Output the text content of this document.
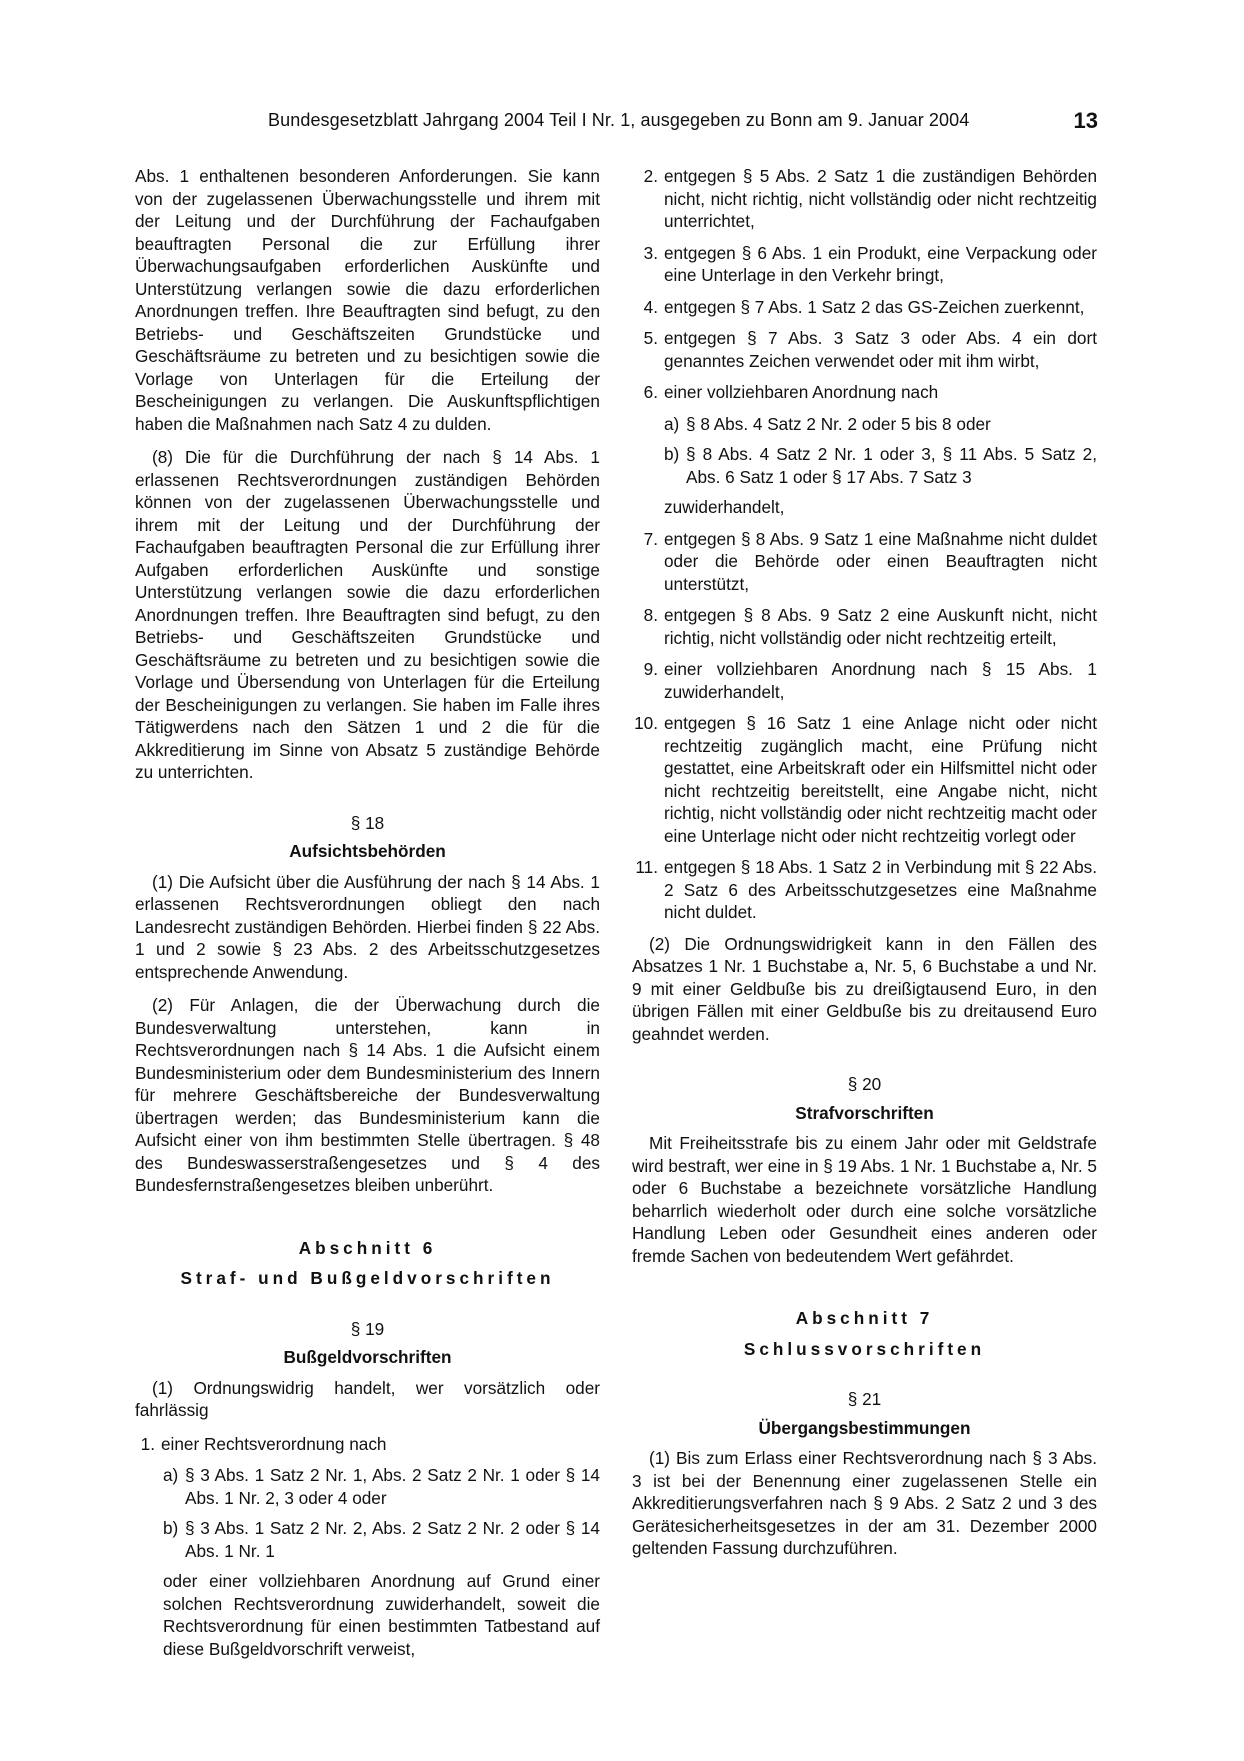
Bundesgesetzblatt Jahrgang 2004 Teil I Nr. 1, ausgegeben zu Bonn am 9. Januar 2004	13

Abs. 1 enthaltenen besonderen Anforderungen. Sie kann von der zugelassenen Überwachungsstelle und ihrem mit der Leitung und der Durchführung der Fachaufgaben beauftragten Personal die zur Erfüllung ihrer Überwachungsaufgaben erforderlichen Auskünfte und Unterstützung verlangen sowie die dazu erforderlichen Anordnungen treffen. Ihre Beauftragten sind befugt, zu den Betriebs- und Geschäftszeiten Grundstücke und Geschäftsräume zu betreten und zu besichtigen sowie die Vorlage von Unterlagen für die Erteilung der Bescheinigungen zu verlangen. Die Auskunftspflichtigen haben die Maßnahmen nach Satz 4 zu dulden.

(8) Die für die Durchführung der nach § 14 Abs. 1 erlassenen Rechtsverordnungen zuständigen Behörden können von der zugelassenen Überwachungsstelle und ihrem mit der Leitung und der Durchführung der Fachaufgaben beauftragten Personal die zur Erfüllung ihrer Aufgaben erforderlichen Auskünfte und sonstige Unterstützung verlangen sowie die dazu erforderlichen Anordnungen treffen. Ihre Beauftragten sind befugt, zu den Betriebs- und Geschäftszeiten Grundstücke und Geschäftsräume zu betreten und zu besichtigen sowie die Vorlage und Übersendung von Unterlagen für die Erteilung der Bescheinigungen zu verlangen. Sie haben im Falle ihres Tätigwerdens nach den Sätzen 1 und 2 die für die Akkreditierung im Sinne von Absatz 5 zuständige Behörde zu unterrichten.

§ 18
Aufsichtsbehörden

(1) Die Aufsicht über die Ausführung der nach § 14 Abs. 1 erlassenen Rechtsverordnungen obliegt den nach Landesrecht zuständigen Behörden. Hierbei finden § 22 Abs. 1 und 2 sowie § 23 Abs. 2 des Arbeitsschutzgesetzes entsprechende Anwendung.

(2) Für Anlagen, die der Überwachung durch die Bundesverwaltung unterstehen, kann in Rechtsverordnungen nach § 14 Abs. 1 die Aufsicht einem Bundesministerium oder dem Bundesministerium des Innern für mehrere Geschäftsbereiche der Bundesverwaltung übertragen werden; das Bundesministerium kann die Aufsicht einer von ihm bestimmten Stelle übertragen. § 48 des Bundeswasserstraßengesetzes und § 4 des Bundesfernstraßengesetzes bleiben unberührt.

Abschnitt 6
Straf- und Bußgeldvorschriften
§ 19
Bußgeldvorschriften

(1) Ordnungswidrig handelt, wer vorsätzlich oder fahrlässig

1. einer Rechtsverordnung nach
a) § 3 Abs. 1 Satz 2 Nr. 1, Abs. 2 Satz 2 Nr. 1 oder § 14 Abs. 1 Nr. 2, 3 oder 4 oder
b) § 3 Abs. 1 Satz 2 Nr. 2, Abs. 2 Satz 2 Nr. 2 oder § 14 Abs. 1 Nr. 1

oder einer vollziehbaren Anordnung auf Grund einer solchen Rechtsverordnung zuwiderhandelt, soweit die Rechtsverordnung für einen bestimmten Tatbestand auf diese Bußgeldvorschrift verweist,

2. entgegen § 5 Abs. 2 Satz 1 die zuständigen Behörden nicht, nicht richtig, nicht vollständig oder nicht rechtzeitig unterrichtet,
3. entgegen § 6 Abs. 1 ein Produkt, eine Verpackung oder eine Unterlage in den Verkehr bringt,
4. entgegen § 7 Abs. 1 Satz 2 das GS-Zeichen zuerkennt,
5. entgegen § 7 Abs. 3 Satz 3 oder Abs. 4 ein dort genanntes Zeichen verwendet oder mit ihm wirbt,
6. einer vollziehbaren Anordnung nach
a) § 8 Abs. 4 Satz 2 Nr. 2 oder 5 bis 8 oder
b) § 8 Abs. 4 Satz 2 Nr. 1 oder 3, § 11 Abs. 5 Satz 2, Abs. 6 Satz 1 oder § 17 Abs. 7 Satz 3

zuwiderhandelt,

7. entgegen § 8 Abs. 9 Satz 1 eine Maßnahme nicht duldet oder die Behörde oder einen Beauftragten nicht unterstützt,
8. entgegen § 8 Abs. 9 Satz 2 eine Auskunft nicht, nicht richtig, nicht vollständig oder nicht rechtzeitig erteilt,
9. einer vollziehbaren Anordnung nach § 15 Abs. 1 zuwiderhandelt,
10. entgegen § 16 Satz 1 eine Anlage nicht oder nicht rechtzeitig zugänglich macht, eine Prüfung nicht gestattet, eine Arbeitskraft oder ein Hilfsmittel nicht oder nicht rechtzeitig bereitstellt, eine Angabe nicht, nicht richtig, nicht vollständig oder nicht rechtzeitig macht oder eine Unterlage nicht oder nicht rechtzeitig vorlegt oder
11. entgegen § 18 Abs. 1 Satz 2 in Verbindung mit § 22 Abs. 2 Satz 6 des Arbeitsschutzgesetzes eine Maßnahme nicht duldet.

(2) Die Ordnungswidrigkeit kann in den Fällen des Absatzes 1 Nr. 1 Buchstabe a, Nr. 5, 6 Buchstabe a und Nr. 9 mit einer Geldbuße bis zu dreißigtausend Euro, in den übrigen Fällen mit einer Geldbuße bis zu dreitausend Euro geahndet werden.

§ 20
Strafvorschriften

Mit Freiheitsstrafe bis zu einem Jahr oder mit Geldstrafe wird bestraft, wer eine in § 19 Abs. 1 Nr. 1 Buchstabe a, Nr. 5 oder 6 Buchstabe a bezeichnete vorsätzliche Handlung beharrlich wiederholt oder durch eine solche vorsätzliche Handlung Leben oder Gesundheit eines anderen oder fremde Sachen von bedeutendem Wert gefährdet.

Abschnitt 7
Schlussvorschriften
§ 21
Übergangsbestimmungen

(1) Bis zum Erlass einer Rechtsverordnung nach § 3 Abs. 3 ist bei der Benennung einer zugelassenen Stelle ein Akkreditierungsverfahren nach § 9 Abs. 2 Satz 2 und 3 des Gerätesicherheitsgesetzes in der am 31. Dezember 2000 geltenden Fassung durchzuführen.
